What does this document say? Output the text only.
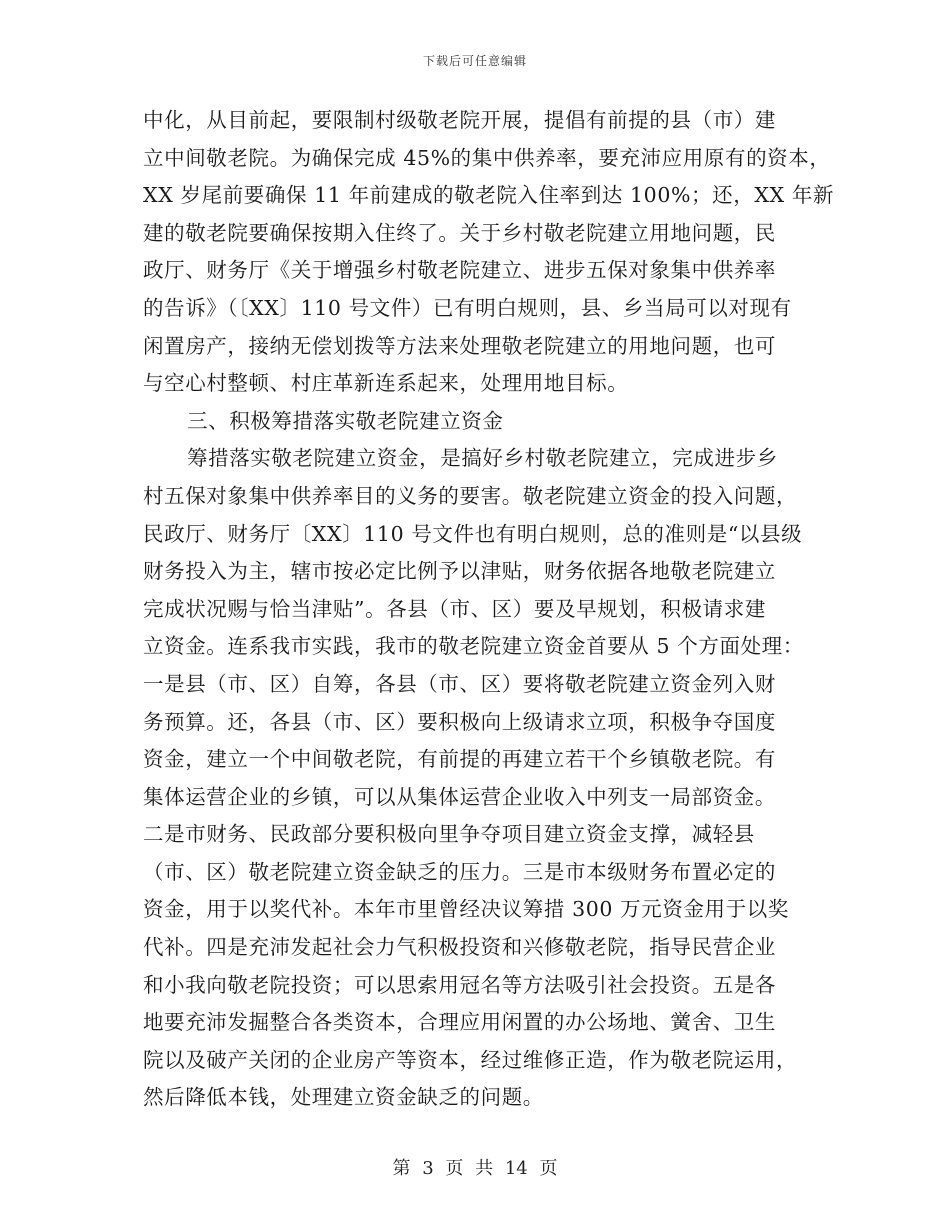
下载后可任意编辑
中化，从目前起，要限制村级敬老院开展，提倡有前提的县（市）建
立中间敬老院。为确保完成 45%的集中供养率，要充沛应用原有的资本，
XX 岁尾前要确保 11 年前建成的敬老院入住率到达 100%；还，XX 年新
建的敬老院要确保按期入住终了。关于乡村敬老院建立用地问题，民
政厅、财务厅《关于增强乡村敬老院建立、进步五保对象集中供养率
的告诉》（〔XX〕110 号文件）已有明白规则，县、乡当局可以对现有
闲置房产，接纳无偿划拨等方法来处理敬老院建立的用地问题，也可
与空心村整顿、村庄革新连系起来，处理用地目标。
三、积极筹措落实敬老院建立资金
筹措落实敬老院建立资金，是搞好乡村敬老院建立，完成进步乡
村五保对象集中供养率目的义务的要害。敬老院建立资金的投入问题，
民政厅、财务厅〔XX〕110 号文件也有明白规则，总的准则是“以县级
财务投入为主，辖市按必定比例予以津贴，财务依据各地敬老院建立
完成状况赐与恰当津贴”。各县（市、区）要及早规划，积极请求建
立资金。连系我市实践，我市的敬老院建立资金首要从 5 个方面处理：
一是县（市、区）自筹，各县（市、区）要将敬老院建立资金列入财
务预算。还，各县（市、区）要积极向上级请求立项，积极争夺国度
资金，建立一个中间敬老院，有前提的再建立若干个乡镇敬老院。有
集体运营企业的乡镇，可以从集体运营企业收入中列支一局部资金。
二是市财务、民政部分要积极向里争夺项目建立资金支撑，减轻县
（市、区）敬老院建立资金缺乏的压力。三是市本级财务布置必定的
资金，用于以奖代补。本年市里曾经决议筹措 300 万元资金用于以奖
代补。四是充沛发起社会力气积极投资和兴修敬老院，指导民营企业
和小我向敬老院投资；可以思索用冠名等方法吸引社会投资。五是各
地要充沛发掘整合各类资本，合理应用闲置的办公场地、黉舍、卫生
院以及破产关闭的企业房产等资本，经过维修正造，作为敬老院运用，
然后降低本钱，处理建立资金缺乏的问题。
第 3 页 共 14 页
